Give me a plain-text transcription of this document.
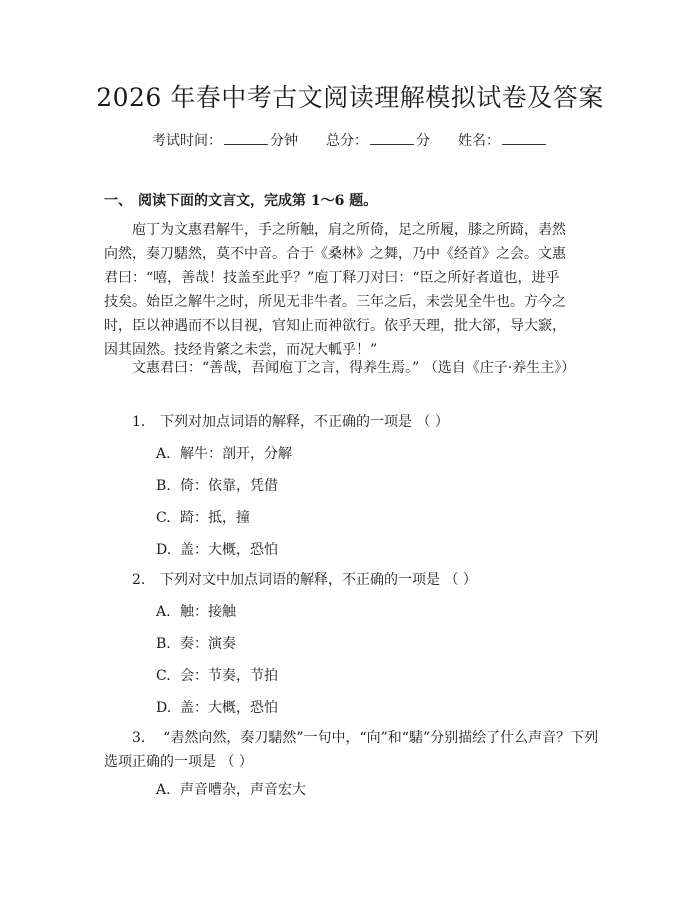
2026 年春中考古文阅读理解模拟试卷及答案
考试时间：	分钟 总分：	分 姓名：
一、 阅读下面的文言文，完成第 1～6 题。

庖丁为文惠君解牛，手之所触，肩之所倚，足之所履，膝之所踦，砉然向然，奏刀騞然，莫不中音。合于《桑林》之舞，乃中《经首》之会。文惠君曰：“嘻，善哉！技盖至此乎？”庖丁释刀对曰：“臣之所好者道也，进乎技矣。始臣之解牛之时，所见无非牛者。三年之后，未尝见全牛也。方今之时，臣以神遇而不以目视，官知止而神欲行。依乎天理，批大郤，导大窾，因其固然。技经肯綮之未尝，而况大軱乎！”

文惠君曰：“善哉，吾闻庖丁之言，得养生焉。” （选自《庄子·养生主》）

1. 下列对加点词语的解释，不正确的一项是 （ ）
A. 解牛：剖开，分解
B. 倚：依靠，凭借
C. 踦：抵，撞
D. 盖：大概，恐怕
2. 下列对文中加点词语的解释，不正确的一项是 （ ）
A. 触：接触
B. 奏：演奏
C. 会：节奏，节拍
D. 盖：大概，恐怕
3. “砉然向然，奏刀騞然”一句中，“向”和“騞”分别描绘了什么声音？下列选项正确的一项是 （ ）
A. 声音嘈杂，声音宏大
